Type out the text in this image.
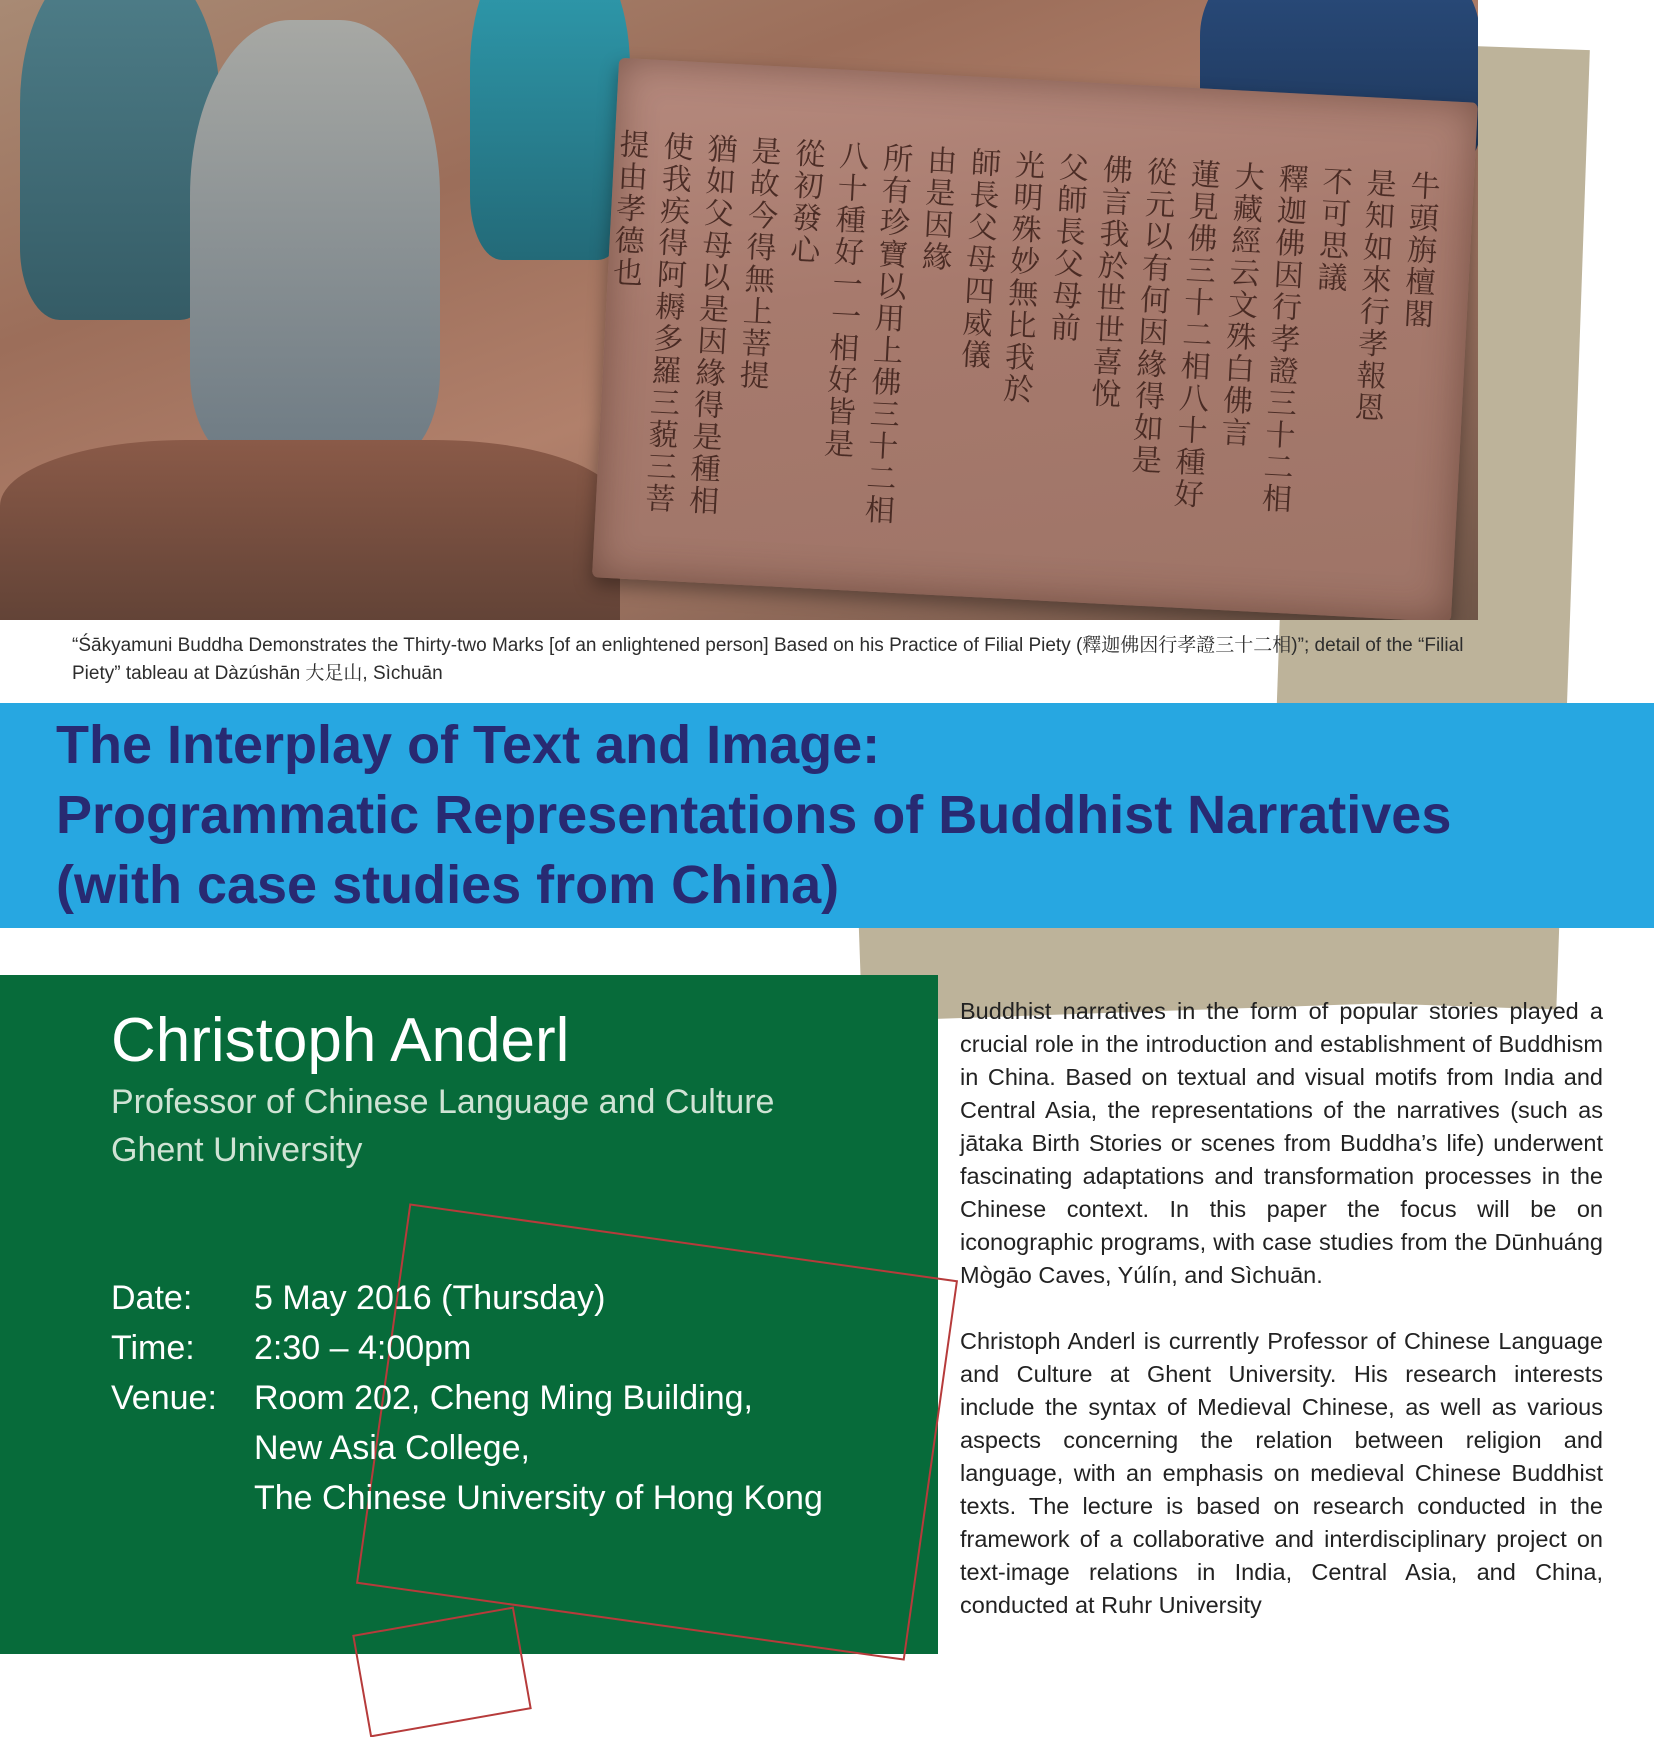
牛頭旃檀閣
是知如來行孝報恩
不可思議
釋迦佛因行孝證三十二相
大藏經云文殊白佛言
蓮見佛三十二相八十種好
從元以有何因緣得如是
佛言我於世世喜悅
父師長父母前
光明殊妙無比我於
師長父母四威儀
由是因緣
所有珍寶以用上佛三十二相
八十種好一一相好皆是
從初發心
是故今得無上菩提
猶如父母以是因緣得是種相
使我疾得阿耨多羅三藐三菩
提由孝德也
“Śākyamuni Buddha Demonstrates the Thirty-two Marks [of an enlightened person] Based on his Practice of Filial Piety (釋迦佛因行孝證三十二相)”; detail of the “Filial Piety” tableau at Dàzúshān 大足山, Sìchuān
The Interplay of Text and Image:
Programmatic Representations of Buddhist Narratives
(with case studies from China)
Christoph Anderl
Professor of Chinese Language and Culture
Ghent University
Date:	5 May 2016 (Thursday)
Time:	2:30 – 4:00pm
Venue:	Room 202, Cheng Ming Building,
New Asia College,
The Chinese University of Hong Kong

Buddhist narratives in the form of popular stories played a crucial role in the introduction and establishment of Buddhism in China. Based on textual and visual motifs from India and Central Asia, the representations of the narratives (such as jātaka Birth Stories or scenes from Buddha’s life) underwent fascinating adaptations and transformation processes in the Chinese context. In this paper the focus will be on iconographic programs, with case studies from the Dūnhuáng Mògāo Caves, Yúlín, and Sìchuān.

Christoph Anderl is currently Professor of Chinese Language and Culture at Ghent University. His research interests include the syntax of Medieval Chinese, as well as various aspects concerning the relation between religion and language, with an emphasis on medieval Chinese Buddhist texts. The lecture is based on research conducted in the framework of a collaborative and interdisciplinary project on text-image relations in India, Central Asia, and China, conducted at Ruhr University
